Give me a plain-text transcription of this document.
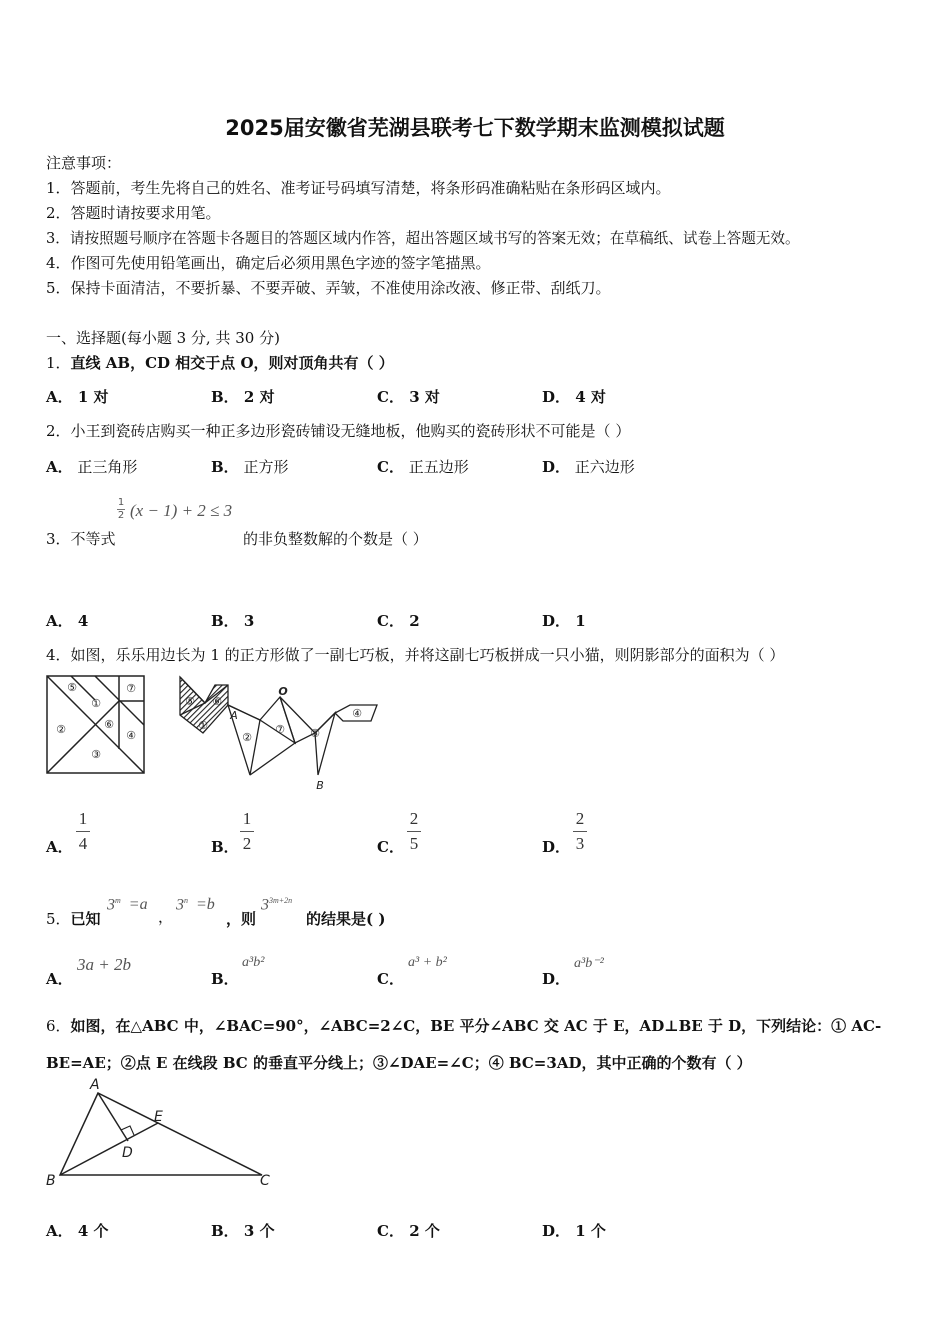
2025届安徽省芜湖县联考七下数学期末监测模拟试题
注意事项：
1．答题前，考生先将自己的姓名、准考证号码填写清楚，将条形码准确粘贴在条形码区域内。
2．答题时请按要求用笔。
3．请按照题号顺序在答题卡各题目的答题区域内作答，超出答题区域书写的答案无效；在草稿纸、试卷上答题无效。
4．作图可先使用铅笔画出，确定后必须用黑色字迹的签字笔描黑。
5．保持卡面清洁，不要折暴、不要弄破、弄皱，不准使用涂改液、修正带、刮纸刀。
一、选择题(每小题 3 分, 共 30 分)
1．直线 AB，CD 相交于点 O，则对顶角共有（ ）
A． 1 对	B． 2 对	C． 3 对	D． 4 对
2．小王到瓷砖店购买一种正多边形瓷砖铺设无缝地板，他购买的瓷砖形状不可能是（ ）
A． 正三角形	B． 正方形	C． 正五边形	D． 正六边形
1
2 (x − 1) + 2 ≤ 3
3．不等式	的非负整数解的个数是（ ）
A． 4	B． 3	C． 2	D． 1
4．如图，乐乐用边长为 1 的正方形做了一副七巧板，并将这副七巧板拼成一只小猫，则阴影部分的面积为（ ）
⑤
①
⑦
②	⑥
④
③
⑤ ⑥
①
A
O
②
⑦ ③
④
B
A．
1
4	B．
1
2	C．
2
5	D．
2
3
5．已知
$3^m =a$
，
$3^n =b$
，则
$3^{3m+2n}$
的结果是( )
A．
3a + 2b
B．
a³b²
C．
a³ + b²
D．
a³b⁻²
6．如图，在△ABC 中，∠BAC=90°，∠ABC=2∠C，BE 平分∠ABC 交 AC 于 E，AD⊥BE 于 D，下列结论：① AC-
BE=AE；②点 E 在线段 BC 的垂直平分线上；③∠DAE=∠C；④ BC=3AD，其中正确的个数有（ ）
A
E
D
B	C
A． 4 个	B． 3 个	C． 2 个	D． 1 个
